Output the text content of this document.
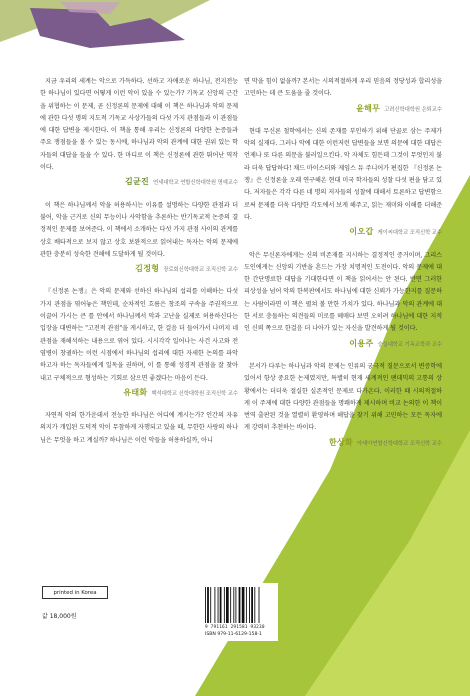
지금 우리의 세계는 악으로 가득하다. 선하고 자애로운 하나님, 전지전능한 하나님이 있다면 어떻게 이런 악이 있을 수 있는가? 기독교 신앙의 근간을 위협하는 이 문제, 곧 신정론의 문제에 대해 이 책은 하나님과 악의 문제에 관한 다섯 명의 지도적 기독교 사상가들의 다섯 가지 관점들과 이 관점들에 대한 답변을 제시한다. 이 책을 통해 우리는 신정론의 다양한 논증들과 주요 쟁점들을 볼 수 있는 동시에, 하나님과 악의 관계에 대한 권위 있는 학자들의 대답을 들을 수 있다. 한 마디로 이 책은 신정론에 관한 뛰어난 역작이다.

김균진 연세대학교 연합신학대학원 명예교수

이 책은 하나님께서 악을 허용하시는 이유를 설명하는 다양한 관점과 더불어, 악을 근거로 신의 무능이나 사악함을 추론하는 반기독교적 논증의 결정적인 문제를 보여준다. 이 책에서 소개하는 다섯 가지 관점 사이의 관계를 상호 배타적으로 보지 않고 상호 보완적으로 읽어내는 독자는 악의 문제에 관한 충분히 성숙한 견해에 도달하게 될 것이다.

김정형 장로회신학대학교 조직신학 교수

『신정론 논쟁』은 악의 문제와 선하신 하나님의 섭리를 이해하는 다섯 가지 관점을 엮어놓은 책인데, 순차적인 흐름은 창조의 구속을 주권적으로 이끌어 가시는 큰 틀 안에서 하나님께서 악과 고난을 실제로 허용하신다는 입장을 대변하는 "고전적 관점"을 게시하고, 한 걸음 더 들어가서 나머지 네 관점을 재해석하는 내용으로 엮어 있다. 시시각각 일어나는 사건 사고와 전염병이 창궐하는 이런 시점에서 하나님의 섭리에 대한 자세한 논의를 파악하고자 하는 독자들에게 일독을 권하며, 이 를 통해 성경적 관점을 잘 찾아내고 구체적으로 형성하는 기회로 삼으면 좋겠다는 마음이 든다.

유태화 백석대학교 신학대학원 조직신학 교수

자연적 악의 한가운데서 전능한 하나님은 어디에 계시는가? 인간의 자유 의지가 개입된 도덕적 악이 무참하게 자행되고 있을 때, 무한한 사랑의 하나님은 무엇을 하고 계실까? 하나님은 이런 악들을 허용하실까, 아니

면 막을 힘이 없을까? 본서는 시의적절하게 우리 믿음의 정당성과 합리성을 고민하는 데 큰 도움을 줄 것이다.

윤해무 고려신학대학원 은퇴교수

현대 무신론 철학에서는 신의 존재를 부인하기 위해 단골로 삼는 주제가 악의 실재다. 그러나 악에 대한 이런저런 답변들을 보면 의문에 대한 대답은 언제나 또 다른 의문을 불러일으킨다. 악 자체도 힘든데 그것이 무엇인지 불라 더욱 답답하다! 채드 마이스터와 제임스 듀 주니어가 편집한 『신정론 논쟁』은 신정론을 오래 연구해온 현대 미국 학자들의 성찰 다섯 편을 담고 있다. 저자들은 각각 다른 네 명의 저자들의 성찰에 대해서 토론하고 답변함으로써 문제를 더욱 다양한 각도에서 보게 해주고, 읽는 재미와 이해를 더해준다.

이오갑 케이씨대학교 조직신학 교수

악은 무신론자에게는 신의 비존재를 지시하는 결정적인 증거이며, 그리스도인에게는 신앙의 기반을 흔드는 가장 치명적인 도전이다. 악의 문제에 대한 간단명료한 대답을 기대한다면 이 책을 읽어서는 안 된다. 반면 그러한 피상성을 넘어 악의 한복판에서도 하나님에 대한 신뢰가 가능한지를 질문하는 사람이라면 이 책은 펼쳐 볼 만한 가치가 있다. 하나님과 악의 관계에 대한 서로 충돌하는 의견들의 미로를 헤매다 보면 오히려 하나님에 대한 지적인 신뢰 쪽으로 한걸음 더 나아가 있는 자신을 발견하게 될 것이다.

이용주 숭실대학교 기독교학과 교수

본서가 다루는 하나님과 악의 문제는 인류의 궁극적 질문으로서 변증학에 있어서 항상 중요한 논제였지만, 특별히 현재 세계적인 팬데믹의 고통의 상황에서는 더더욱 절실한 실존적인 문제로 다가온다. 이러한 때 시의적절하게 이 주제에 대한 다양한 관점들을 명쾌하게 제시하며 비교 논의한 이 책이 번역 출판된 것을 열렬히 환영하며 해답을 찾기 위해 고민하는 모든 독자에게 강력히 추천하는 바이다.

한상화 아세아연합신학대학교 조직신학 교수
printed in Korea
값 18,000원
9 791161 291581 93230
ISBN 979-11-6129-158-1
